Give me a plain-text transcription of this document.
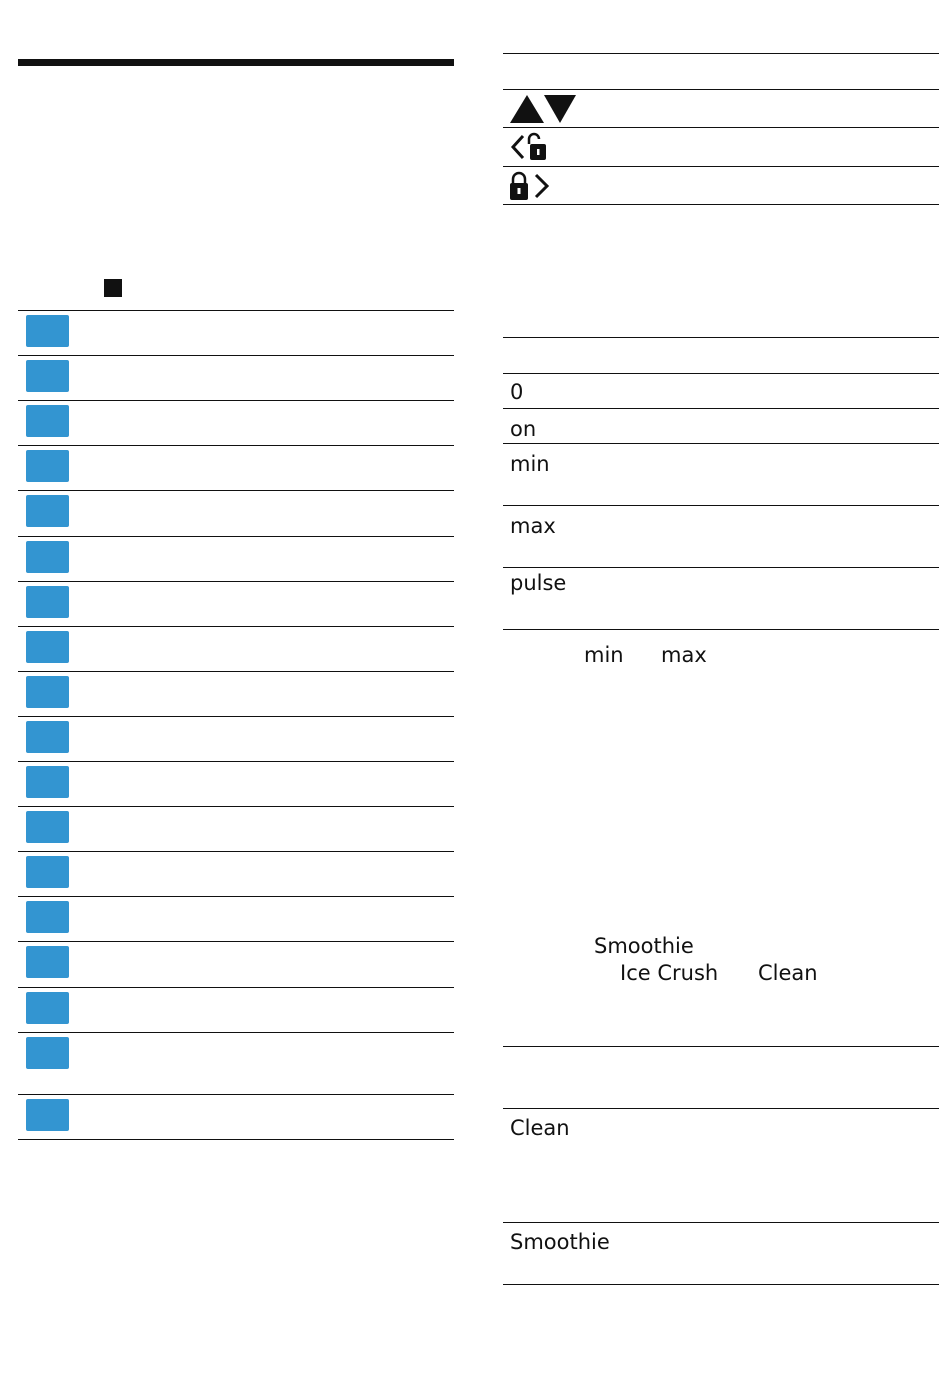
0
on
min
max
pulse
min max
Smoothie
Ice Crush Clean
Clean
Smoothie
